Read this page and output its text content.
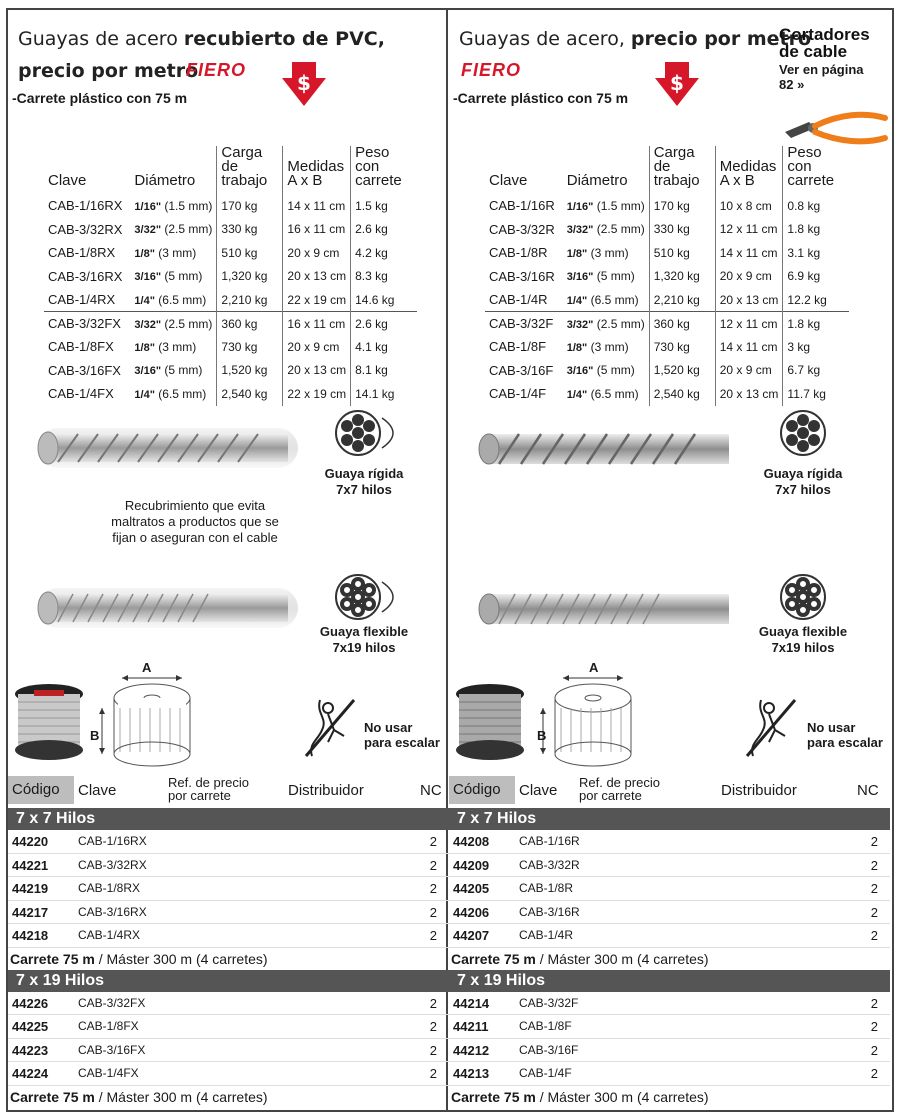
Guayas de acero recubierto de PVC,
precio por metro
FIERO
$
-Carrete plástico con 75 m
Clave	Diámetro	Carga de trabajo	Medidas A x B	Peso con carrete
CAB-1/16RX	1/16" (1.5 mm)	170 kg	14 x 11 cm	1.5 kg
CAB-3/32RX	3/32" (2.5 mm)	330 kg	16 x 11 cm	2.6 kg
CAB-1/8RX	1/8" (3 mm)	510 kg	20 x 9 cm	4.2 kg
CAB-3/16RX	3/16" (5 mm)	1,320 kg	20 x 13 cm	8.3 kg
CAB-1/4RX	1/4" (6.5 mm)	2,210 kg	22 x 19 cm	14.6 kg
CAB-3/32FX	3/32" (2.5 mm)	360 kg	16 x 11 cm	2.6 kg
CAB-1/8FX	1/8" (3 mm)	730 kg	20 x 9 cm	4.1 kg
CAB-3/16FX	3/16" (5 mm)	1,520 kg	20 x 13 cm	8.1 kg
CAB-1/4FX	1/4" (6.5 mm)	2,540 kg	22 x 19 cm	14.1 kg
Guaya rígida
7x7 hilos
Recubrimiento que evita maltratos a productos que se fijan o aseguran con el cable
Guaya flexible
7x19 hilos
A
B
No usar
para escalar
Código	Clave	Ref. de precio
por carrete	Distribuidor	NC
7 x 7 Hilos
44220 CAB-1/16RX	2
44221 CAB-3/32RX	2
44219 CAB-1/8RX	2
44217 CAB-3/16RX	2
44218 CAB-1/4RX	2
Carrete 75 m / Máster 300 m (4 carretes)
7 x 19 Hilos
44226 CAB-3/32FX	2
44225 CAB-1/8FX	2
44223 CAB-3/16FX	2
44224 CAB-1/4FX	2
Carrete 75 m / Máster 300 m (4 carretes)
Guayas de acero, precio por metro
FIERO
$
-Carrete plástico con 75 m
Cortadores
de cable
Ver en página
82 »
Clave	Diámetro	Carga de trabajo	Medidas A x B	Peso con carrete
CAB-1/16R	1/16" (1.5 mm)	170 kg	10 x 8 cm	0.8 kg
CAB-3/32R	3/32" (2.5 mm)	330 kg	12 x 11 cm	1.8 kg
CAB-1/8R	1/8" (3 mm)	510 kg	14 x 11 cm	3.1 kg
CAB-3/16R	3/16" (5 mm)	1,320 kg	20 x 9 cm	6.9 kg
CAB-1/4R	1/4" (6.5 mm)	2,210 kg	20 x 13 cm	12.2 kg
CAB-3/32F	3/32" (2.5 mm)	360 kg	12 x 11 cm	1.8 kg
CAB-1/8F	1/8" (3 mm)	730 kg	14 x 11 cm	3 kg
CAB-3/16F	3/16" (5 mm)	1,520 kg	20 x 9 cm	6.7 kg
CAB-1/4F	1/4" (6.5 mm)	2,540 kg	20 x 13 cm	11.7 kg
Guaya rígida
7x7 hilos
Guaya flexible
7x19 hilos
A
B
No usar
para escalar
Código	Clave Ref. de precio
por carrete	Distribuidor	NC
7 x 7 Hilos
44208 CAB-1/16R	2
44209 CAB-3/32R	2
44205 CAB-1/8R	2
44206 CAB-3/16R	2
44207 CAB-1/4R	2
Carrete 75 m / Máster 300 m (4 carretes)
7 x 19 Hilos
44214 CAB-3/32F	2
44211	CAB-1/8F	2
44212 CAB-3/16F	2
44213 CAB-1/4F	2
Carrete 75 m / Máster 300 m (4 carretes)
